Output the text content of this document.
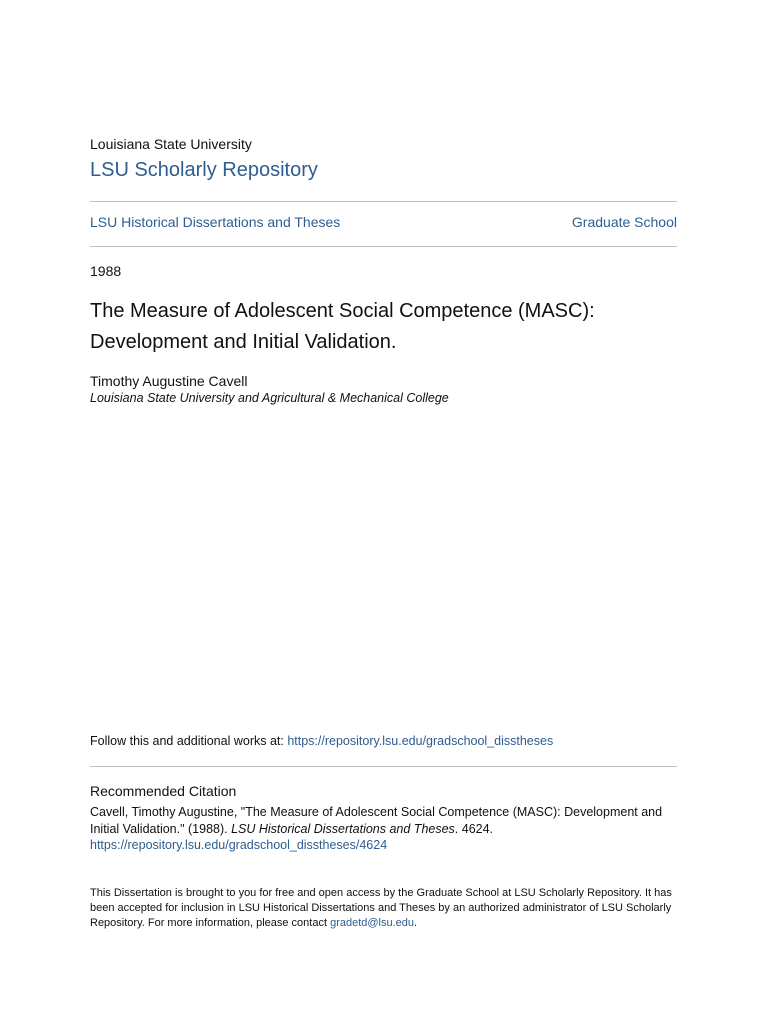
Louisiana State University
LSU Scholarly Repository
LSU Historical Dissertations and Theses	Graduate School
1988
The Measure of Adolescent Social Competence (MASC):
Development and Initial Validation.
Timothy Augustine Cavell
Louisiana State University and Agricultural & Mechanical College
Follow this and additional works at: https://repository.lsu.edu/gradschool_disstheses
Recommended Citation
Cavell, Timothy Augustine, "The Measure of Adolescent Social Competence (MASC): Development and Initial Validation." (1988). LSU Historical Dissertations and Theses. 4624.
https://repository.lsu.edu/gradschool_disstheses/4624
This Dissertation is brought to you for free and open access by the Graduate School at LSU Scholarly Repository. It has been accepted for inclusion in LSU Historical Dissertations and Theses by an authorized administrator of LSU Scholarly Repository. For more information, please contact gradetd@lsu.edu.
